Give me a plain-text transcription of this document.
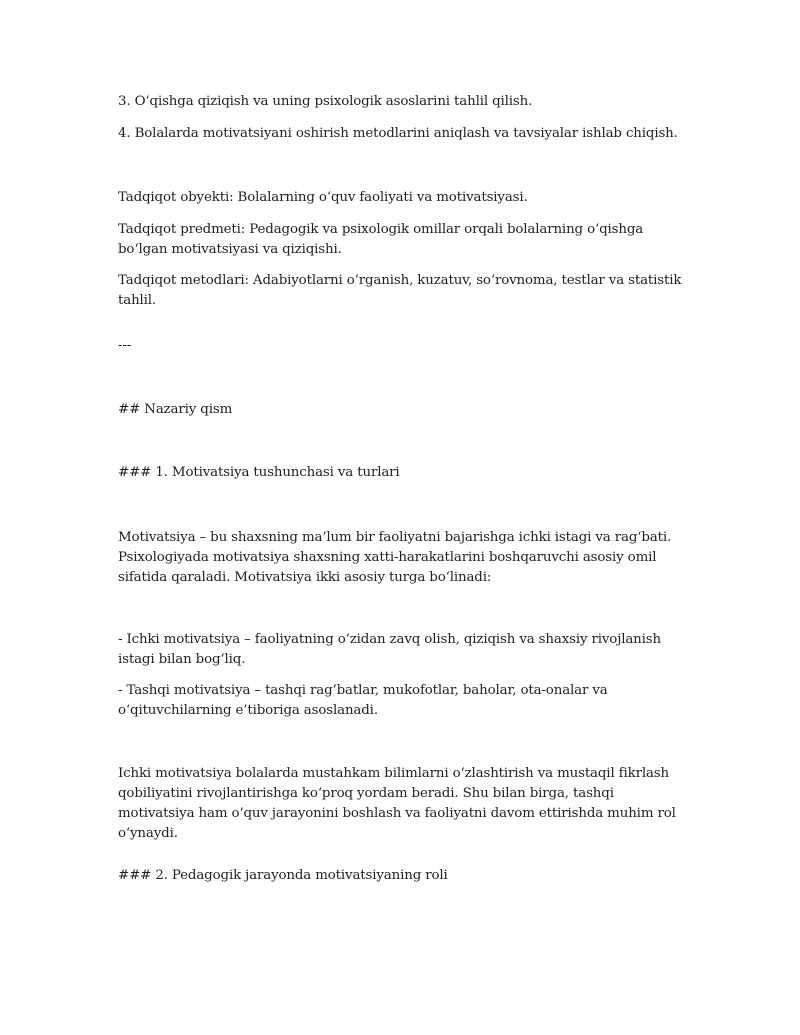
3. O‘qishga qiziqish va uning psixologik asoslarini tahlil qilish.

4. Bolalarda motivatsiyani oshirish metodlarini aniqlash va tavsiyalar ishlab chiqish.

Tadqiqot obyekti: Bolalarning o‘quv faoliyati va motivatsiyasi.

Tadqiqot predmeti: Pedagogik va psixologik omillar orqali bolalarning o‘qishga bo‘lgan motivatsiyasi va qiziqishi.

Tadqiqot metodlari: Adabiyotlarni o‘rganish, kuzatuv, so‘rovnoma, testlar va statistik tahlil.

---

## Nazariy qism

### 1. Motivatsiya tushunchasi va turlari

Motivatsiya – bu shaxsning ma’lum bir faoliyatni bajarishga ichki istagi va rag‘bati. Psixologiyada motivatsiya shaxsning xatti-harakatlarini boshqaruvchi asosiy omil sifatida qaraladi. Motivatsiya ikki asosiy turga bo‘linadi:

- Ichki motivatsiya – faoliyatning o‘zidan zavq olish, qiziqish va shaxsiy rivojlanish istagi bilan bog‘liq.

- Tashqi motivatsiya – tashqi rag‘batlar, mukofotlar, baholar, ota-onalar va o‘qituvchilarning e’tiboriga asoslanadi.

Ichki motivatsiya bolalarda mustahkam bilimlarni o‘zlashtirish va mustaqil fikrlash qobiliyatini rivojlantirishga ko‘proq yordam beradi. Shu bilan birga, tashqi motivatsiya ham o‘quv jarayonini boshlash va faoliyatni davom ettirishda muhim rol o‘ynaydi.

### 2. Pedagogik jarayonda motivatsiyaning roli
